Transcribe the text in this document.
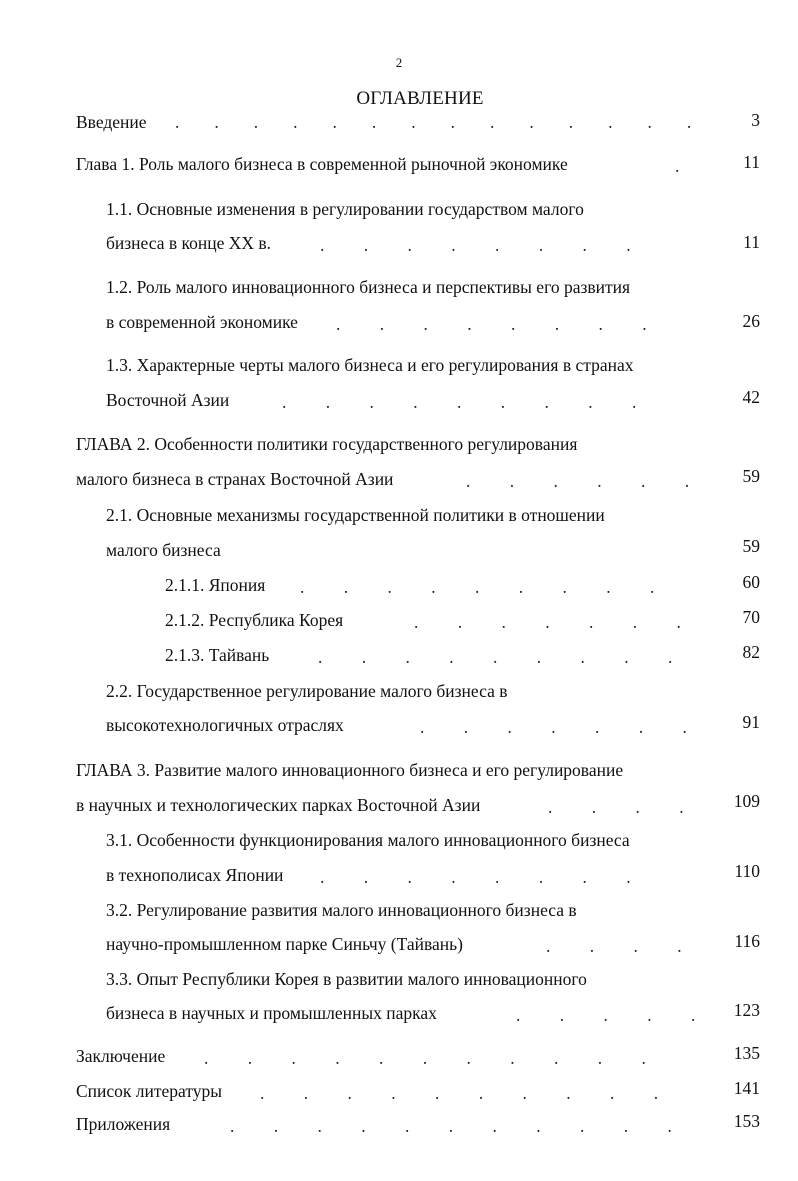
2
ОГЛАВЛЕНИЕ
Введение .        .        .        .        .        .        .        .        .        .        .        .        .        .	3
Глава 1. Роль малого бизнеса в современной рыночной экономике	.	11
1.1. Основные изменения в регулировании государством малого
бизнеса в конце XX в.	.         .         .         .         .         .         .         .	11
1.2. Роль малого инновационного бизнеса и перспективы его развития
в современной экономике .         .         .         .         .         .         .         .	26
1.3. Характерные черты малого бизнеса и его регулирования в странах
Восточной Азии	.         .         .         .         .         .         .         .         .	42
ГЛАВА 2. Особенности политики государственного регулирования
малого бизнеса в странах Восточной Азии	.         .         .         .         .         .	59
2.1. Основные механизмы государственной политики в отношении
малого бизнеса	59
2.1.1. Япония .         .         .         .         .         .         .         .         .	60
2.1.2. Республика Корея	.         .         .         .         .         .         .	70
2.1.3. Тайвань	.         .         .         .         .         .         .         .         .	82
2.2. Государственное регулирование малого бизнеса в
высокотехнологичных отраслях	.         .         .         .         .         .         .	91
ГЛАВА 3. Развитие малого инновационного бизнеса и его регулирование
в научных и технологических парках Восточной Азии	.         .         .         .	109
3.1. Особенности функционирования малого инновационного бизнеса
в технополисах Японии .         .         .         .         .         .         .         .	110
3.2. Регулирование развития малого инновационного бизнеса в
научно-промышленном парке Синьчу (Тайвань)	.         .         .         .	116
3.3. Опыт Республики Корея в развитии малого инновационного
бизнеса в научных и промышленных парках	.         .         .         .         .	123
Заключение .         .         .         .         .         .         .         .         .         .         .	135
Список литературы .         .         .         .         .         .         .         .         .         .	141
Приложения	.         .         .         .         .         .         .         .         .         .         .	153
